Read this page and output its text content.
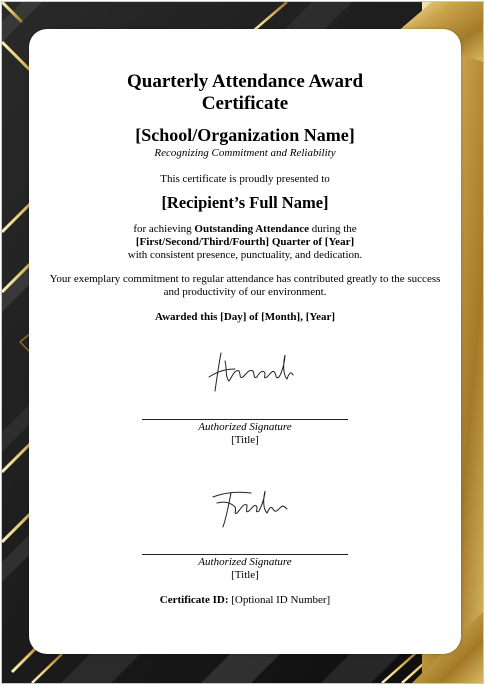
Quarterly Attendance Award
Certificate
[School/Organization Name]
Recognizing Commitment and Reliability
This certificate is proudly presented to
[Recipient’s Full Name]
for achieving Outstanding Attendance during the
[First/Second/Third/Fourth] Quarter of [Year]
with consistent presence, punctuality, and dedication.
Your exemplary commitment to regular attendance has contributed greatly to the success and productivity of our environment.
Awarded this [Day] of [Month], [Year]
Authorized Signature
[Title]
Authorized Signature
[Title]
Certificate ID: [Optional ID Number]
